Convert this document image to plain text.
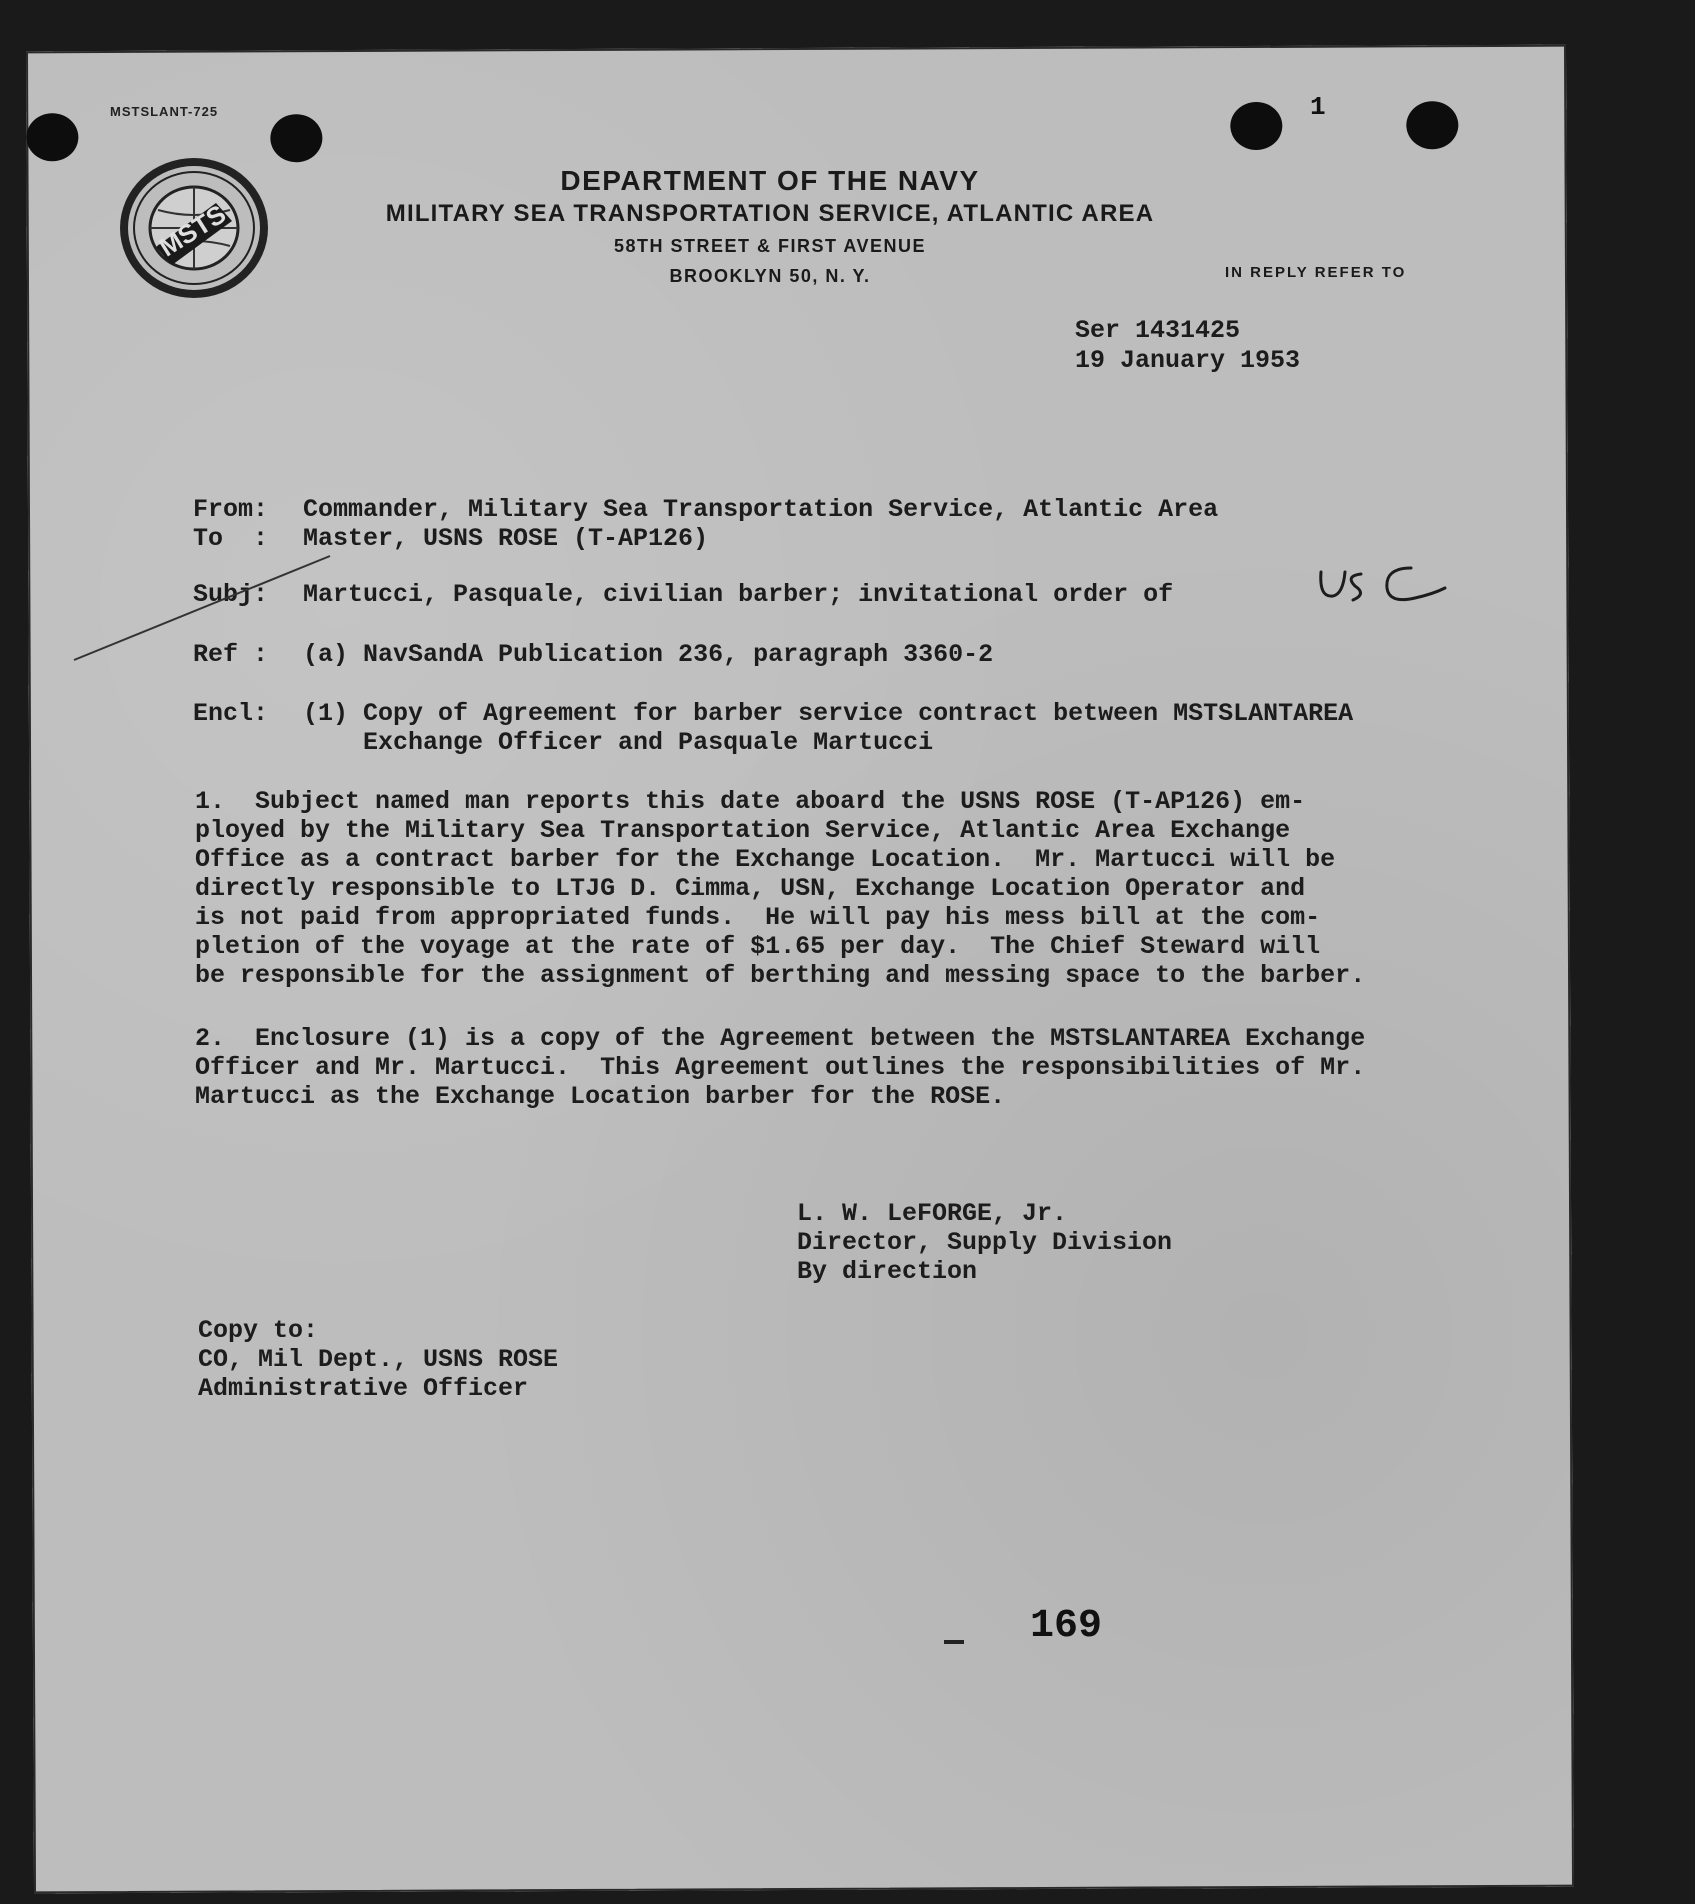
MSTSLANT-725	1
MSTS
DEPARTMENT OF THE NAVY
MILITARY SEA TRANSPORTATION SERVICE, ATLANTIC AREA
58TH STREET & FIRST AVENUE
BROOKLYN 50, N. Y.	IN REPLY REFER TO
Ser 1431425
19 January 1953
From: Commander, Military Sea Transportation Service, Atlantic Area
To  : Master, USNS ROSE (T-AP126)
Subj: Martucci, Pasquale, civilian barber; invitational order of
USC
Ref : (a) NavSandA Publication 236, paragraph 3360-2
Encl: (1) Copy of Agreement for barber service contract between MSTSLANTAREA
Exchange Officer and Pasquale Martucci
1.  Subject named man reports this date aboard the USNS ROSE (T-AP126) em-
ployed by the Military Sea Transportation Service, Atlantic Area Exchange
Office as a contract barber for the Exchange Location.  Mr. Martucci will be
directly responsible to LTJG D. Cimma, USN, Exchange Location Operator and
is not paid from appropriated funds.  He will pay his mess bill at the com-
pletion of the voyage at the rate of $1.65 per day.  The Chief Steward will
be responsible for the assignment of berthing and messing space to the barber.
2.  Enclosure (1) is a copy of the Agreement between the MSTSLANTAREA Exchange
Officer and Mr. Martucci.  This Agreement outlines the responsibilities of Mr.
Martucci as the Exchange Location barber for the ROSE.
L. W. LeFORGE, Jr.
Director, Supply Division
By direction
Copy to:
CO, Mil Dept., USNS ROSE
Administrative Officer
169
